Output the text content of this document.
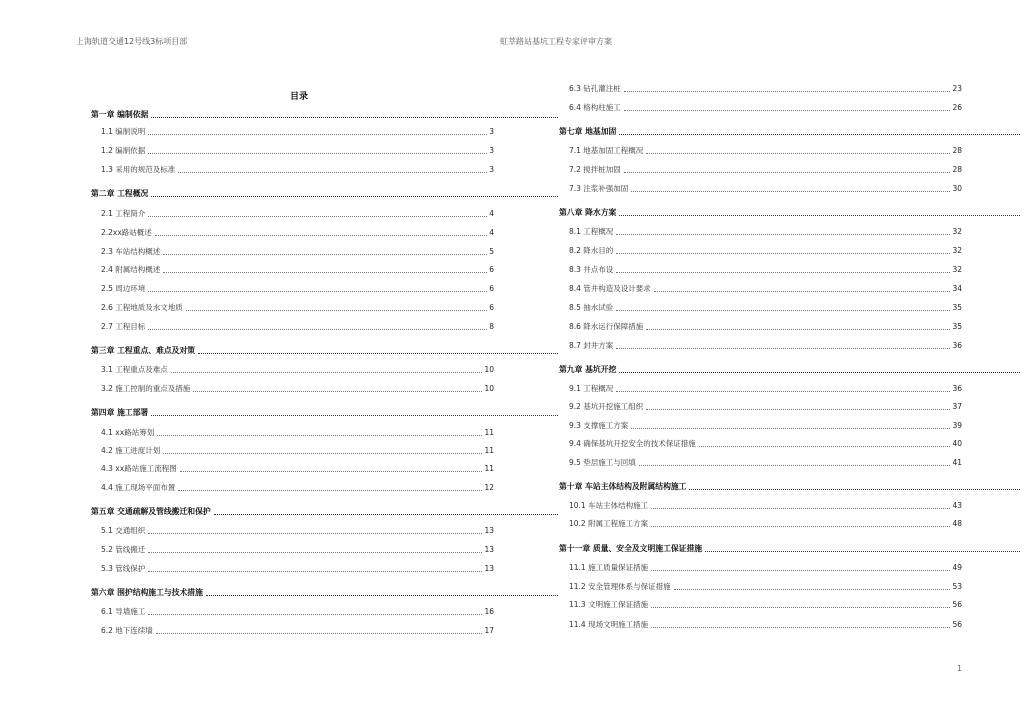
上海轨道交通12号线3标项目部	虹莘路站基坑工程专家评审方案
目录
第一章 编制依据
1.1 编制说明	3
1.2 编制依据	3
1.3 采用的规范及标准	3
第二章 工程概况
2.1 工程简介	4
2.2xx路站概述	4
2.3 车站结构概述	5
2.4 附属结构概述	6
2.5 周边环境	6
2.6 工程地质及水文地质	6
2.7 工程目标	8
第三章 工程重点、难点及对策
3.1 工程重点及难点	10
3.2 施工控制的重点及措施	10
第四章 施工部署
4.1 xx路站筹划	11
4.2 施工进度计划	11
4.3 xx路站施工流程图	11
4.4 施工现场平面布置	12
第五章 交通疏解及管线搬迁和保护
5.1 交通组织	13
5.2 管线搬迁	13
5.3 管线保护	13
第六章 围护结构施工与技术措施
6.1 导墙施工	16
6.2 地下连续墙	17
6.3 钻孔灌注桩	23
6.4 格构柱施工	26
第七章 地基加固
7.1 地基加固工程概况	28
7.2 搅拌桩加固	28
7.3 注浆补强加固	30
第八章 降水方案
8.1 工程概况	32
8.2 降水目的	32
8.3 井点布设	32
8.4 管井构造及设计要求	34
8.5 抽水试验	35
8.6 降水运行保障措施	35
8.7 封井方案	36
第九章 基坑开挖
9.1 工程概况	36
9.2 基坑开挖施工组织	37
9.3 支撑施工方案	39
9.4 确保基坑开挖安全的技术保证措施	40
9.5 垫层施工与回填	41
第十章 车站主体结构及附属结构施工
10.1 车站主体结构施工	43
10.2 附属工程施工方案	48
第十一章 质量、安全及文明施工保证措施
11.1 施工质量保证措施	49
11.2 安全管理体系与保证措施	53
11.3 文明施工保证措施	56
11.4 现场文明施工措施	56
1
